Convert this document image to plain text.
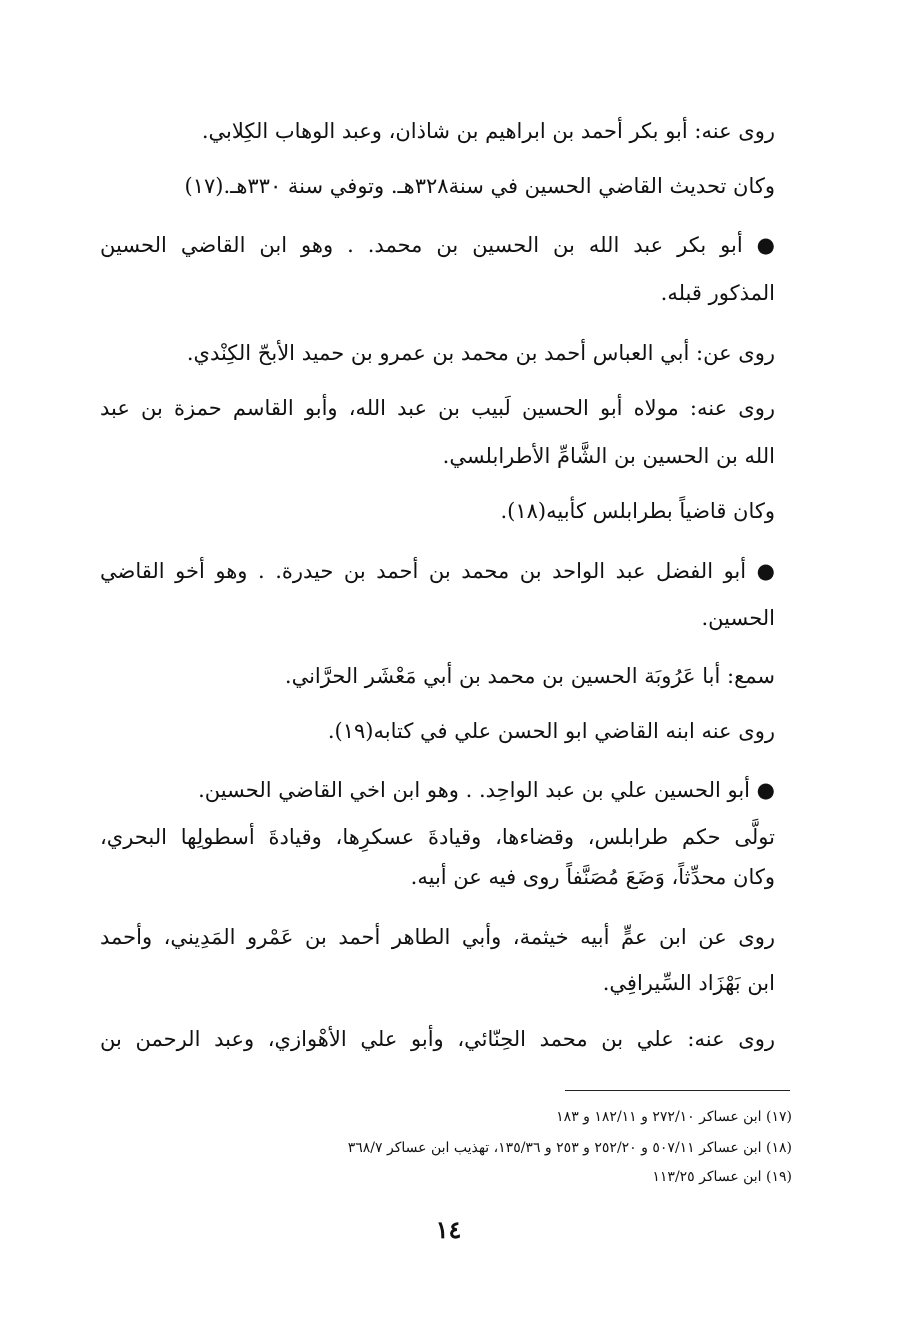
روى عنه: أبو بكر أحمد بن ابراهيم بن شاذان، وعبد الوهاب الكِلابي.
وكان تحديث القاضي الحسين في سنة٣٢٨هـ. وتوفي سنة ٣٣٠هـ.(١٧)
● أبو بكر عبد الله بن الحسين بن محمد. . وهو ابن القاضي الحسين
المذكور قبله.
روى عن: أبي العباس أحمد بن محمد بن عمرو بن حميد الأبحّ الكِنْدي.
روى عنه: مولاه أبو الحسين لَبيب بن عبد الله، وأبو القاسم حمزة بن عبد
الله بن الحسين بن الشَّامِّ الأطرابلسي.
وكان قاضياً بطرابلس كأبيه(١٨).
● أبو الفضل عبد الواحد بن محمد بن أحمد بن حيدرة. . وهو أخو القاضي
الحسين.
سمع: أبا عَرُوبَة الحسين بن محمد بن أبي مَعْشَر الحرَّاني.
روى عنه ابنه القاضي ابو الحسن علي في كتابه(١٩).
● أبو الحسين علي بن عبد الواحِد. . وهو ابن اخي القاضي الحسين.
تولَّى حكم طرابلس، وقضاءها، وقيادةَ عسكرِها، وقيادةَ أسطولِها البحري،
وكان محدِّثاً، وَضَعَ مُصَنَّفاً روى فيه عن أبيه.
روى عن ابن عمٍّ أبيه خيثمة، وأبي الطاهر أحمد بن عَمْرو المَدِيني، وأحمد
ابن بَهْزَاد السِّيرافِي.
روى عنه: علي بن محمد الحِنّائي، وأبو علي الأهْوازي، وعبد الرحمن بن
(١٧) ابن عساكر ٢٧٢/١٠ و ١٨٢/١١ و ١٨٣
(١٨) ابن عساكر ٥٠٧/١١ و ٢٥٢/٢٠ و ٢٥٣ و ١٣٥/٣٦، تهذيب ابن عساكر ٣٦٨/٧
(١٩) ابن عساكر ١١٣/٢٥
١٤
